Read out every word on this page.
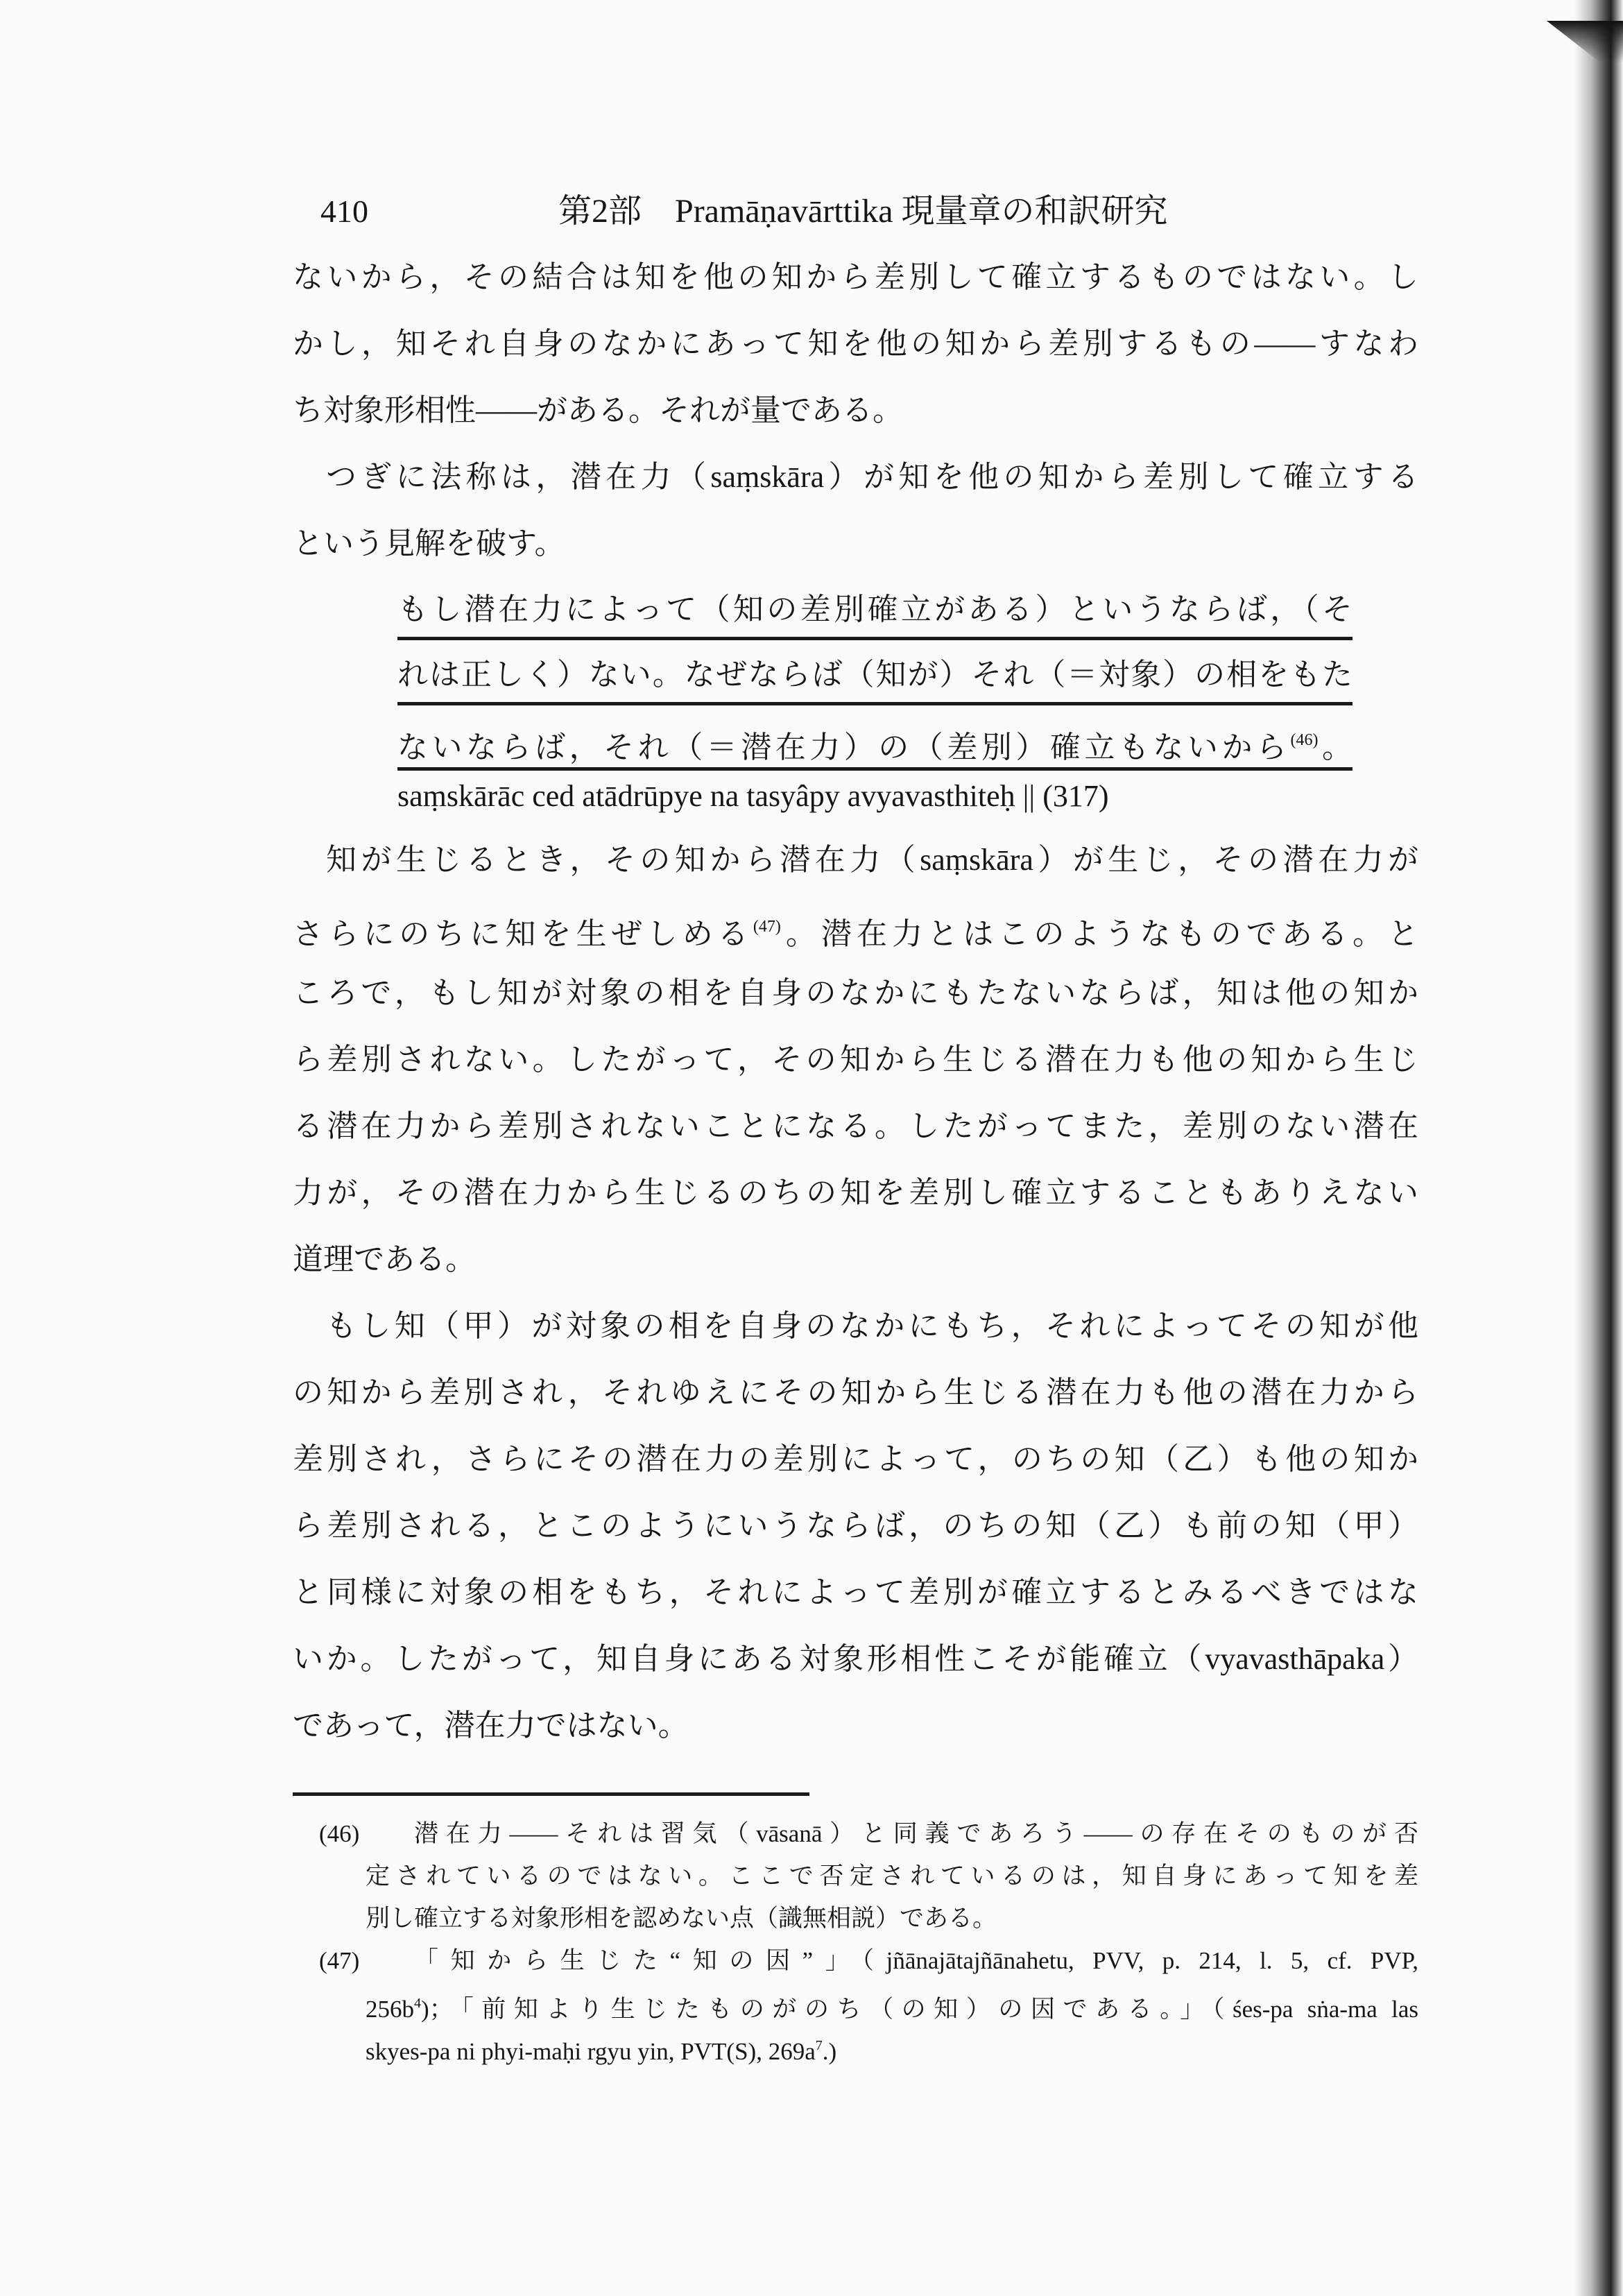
410	第2部　Pramāṇavārttika 現量章の和訳研究
ないから，その結合は知を他の知から差別して確立するものではない。し
かし，知それ自身のなかにあって知を他の知から差別するもの——すなわ
ち対象形相性——がある。それが量である。
つぎに法称は，潜在力（saṃskāra）が知を他の知から差別して確立する
という見解を破す。
もし潜在力によって（知の差別確立がある）というならば，（そ
れは正しく）ない。なぜならば（知が）それ（＝対象）の相をもた
ないならば，それ（＝潜在力）の（差別）確立もないから$^{(46)}$。
saṃskārāc ced atādrūpye na tasyâpy avyavasthiteḥ || (317)
知が生じるとき，その知から潜在力（saṃskāra）が生じ，その潜在力が
さらにのちに知を生ぜしめる$^{(47)}$。潜在力とはこのようなものである。と
ころで，もし知が対象の相を自身のなかにもたないならば，知は他の知か
ら差別されない。したがって，その知から生じる潜在力も他の知から生じ
る潜在力から差別されないことになる。したがってまた，差別のない潜在
力が，その潜在力から生じるのちの知を差別し確立することもありえない
道理である。
もし知（甲）が対象の相を自身のなかにもち，それによってその知が他
の知から差別され，それゆえにその知から生じる潜在力も他の潜在力から
差別され，さらにその潜在力の差別によって，のちの知（乙）も他の知か
ら差別される，とこのようにいうならば，のちの知（乙）も前の知（甲）
と同様に対象の相をもち，それによって差別が確立するとみるべきではな
いか。したがって，知自身にある対象形相性こそが能確立（vyavasthāpaka）
であって，潜在力ではない。
(46)	潜在力——それは習気（vāsanā）と同義であろう——の存在そのものが否
定されているのではない。ここで否定されているのは，知自身にあって知を差
別し確立する対象形相を認めない点（識無相説）である。
(47)	「知から生じた“知の因”」（jñānajātajñānahetu, PVV, p. 214, l. 5, cf. PVP,
$256b^4$)；「前知より生じたものがのち（の知）の因である。」（śes-pa sṅa-ma las
skyes-pa ni phyi-maḥi rgyu yin, PVT(S), $269a^7$.)
